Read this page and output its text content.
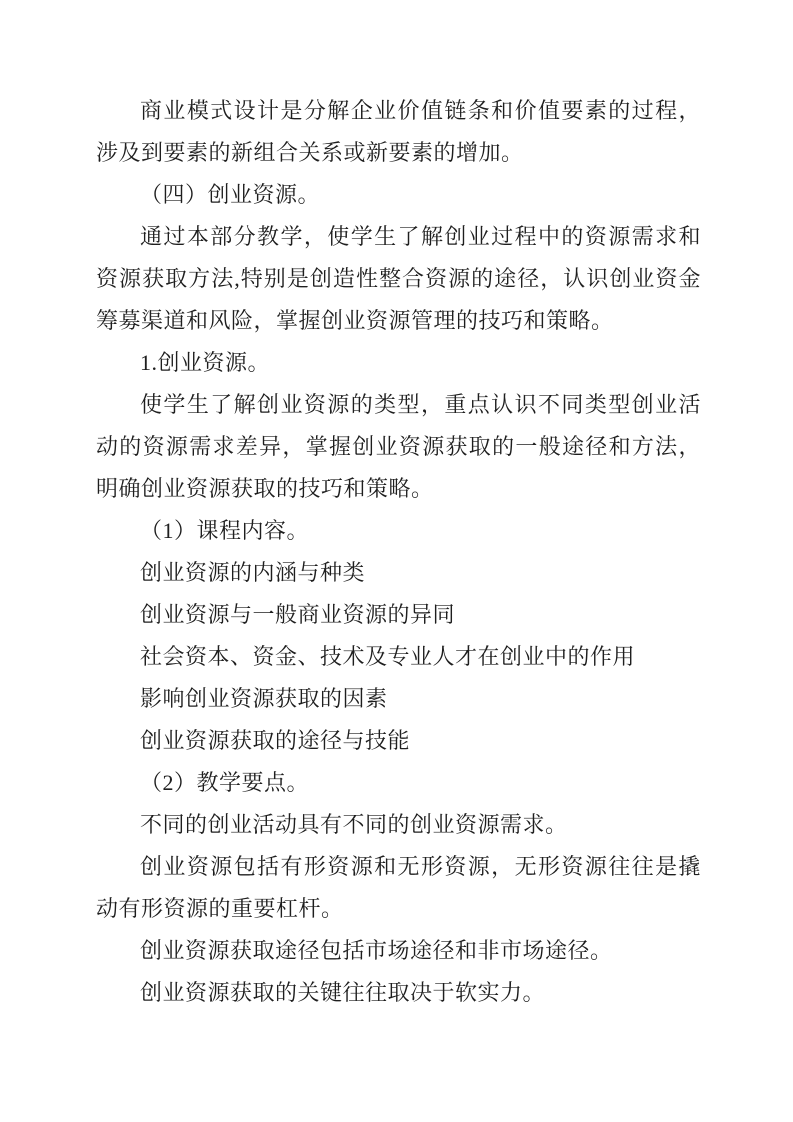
商业模式设计是分解企业价值链条和价值要素的过程，涉及到要素的新组合关系或新要素的增加。

（四）创业资源。

通过本部分教学，使学生了解创业过程中的资源需求和资源获取方法,特别是创造性整合资源的途径，认识创业资金筹募渠道和风险，掌握创业资源管理的技巧和策略。

1.创业资源。

使学生了解创业资源的类型，重点认识不同类型创业活动的资源需求差异，掌握创业资源获取的一般途径和方法，明确创业资源获取的技巧和策略。

（1）课程内容。

创业资源的内涵与种类

创业资源与一般商业资源的异同

社会资本、资金、技术及专业人才在创业中的作用

影响创业资源获取的因素

创业资源获取的途径与技能

（2）教学要点。

不同的创业活动具有不同的创业资源需求。

创业资源包括有形资源和无形资源，无形资源往往是撬动有形资源的重要杠杆。

创业资源获取途径包括市场途径和非市场途径。

创业资源获取的关键往往取决于软实力。
